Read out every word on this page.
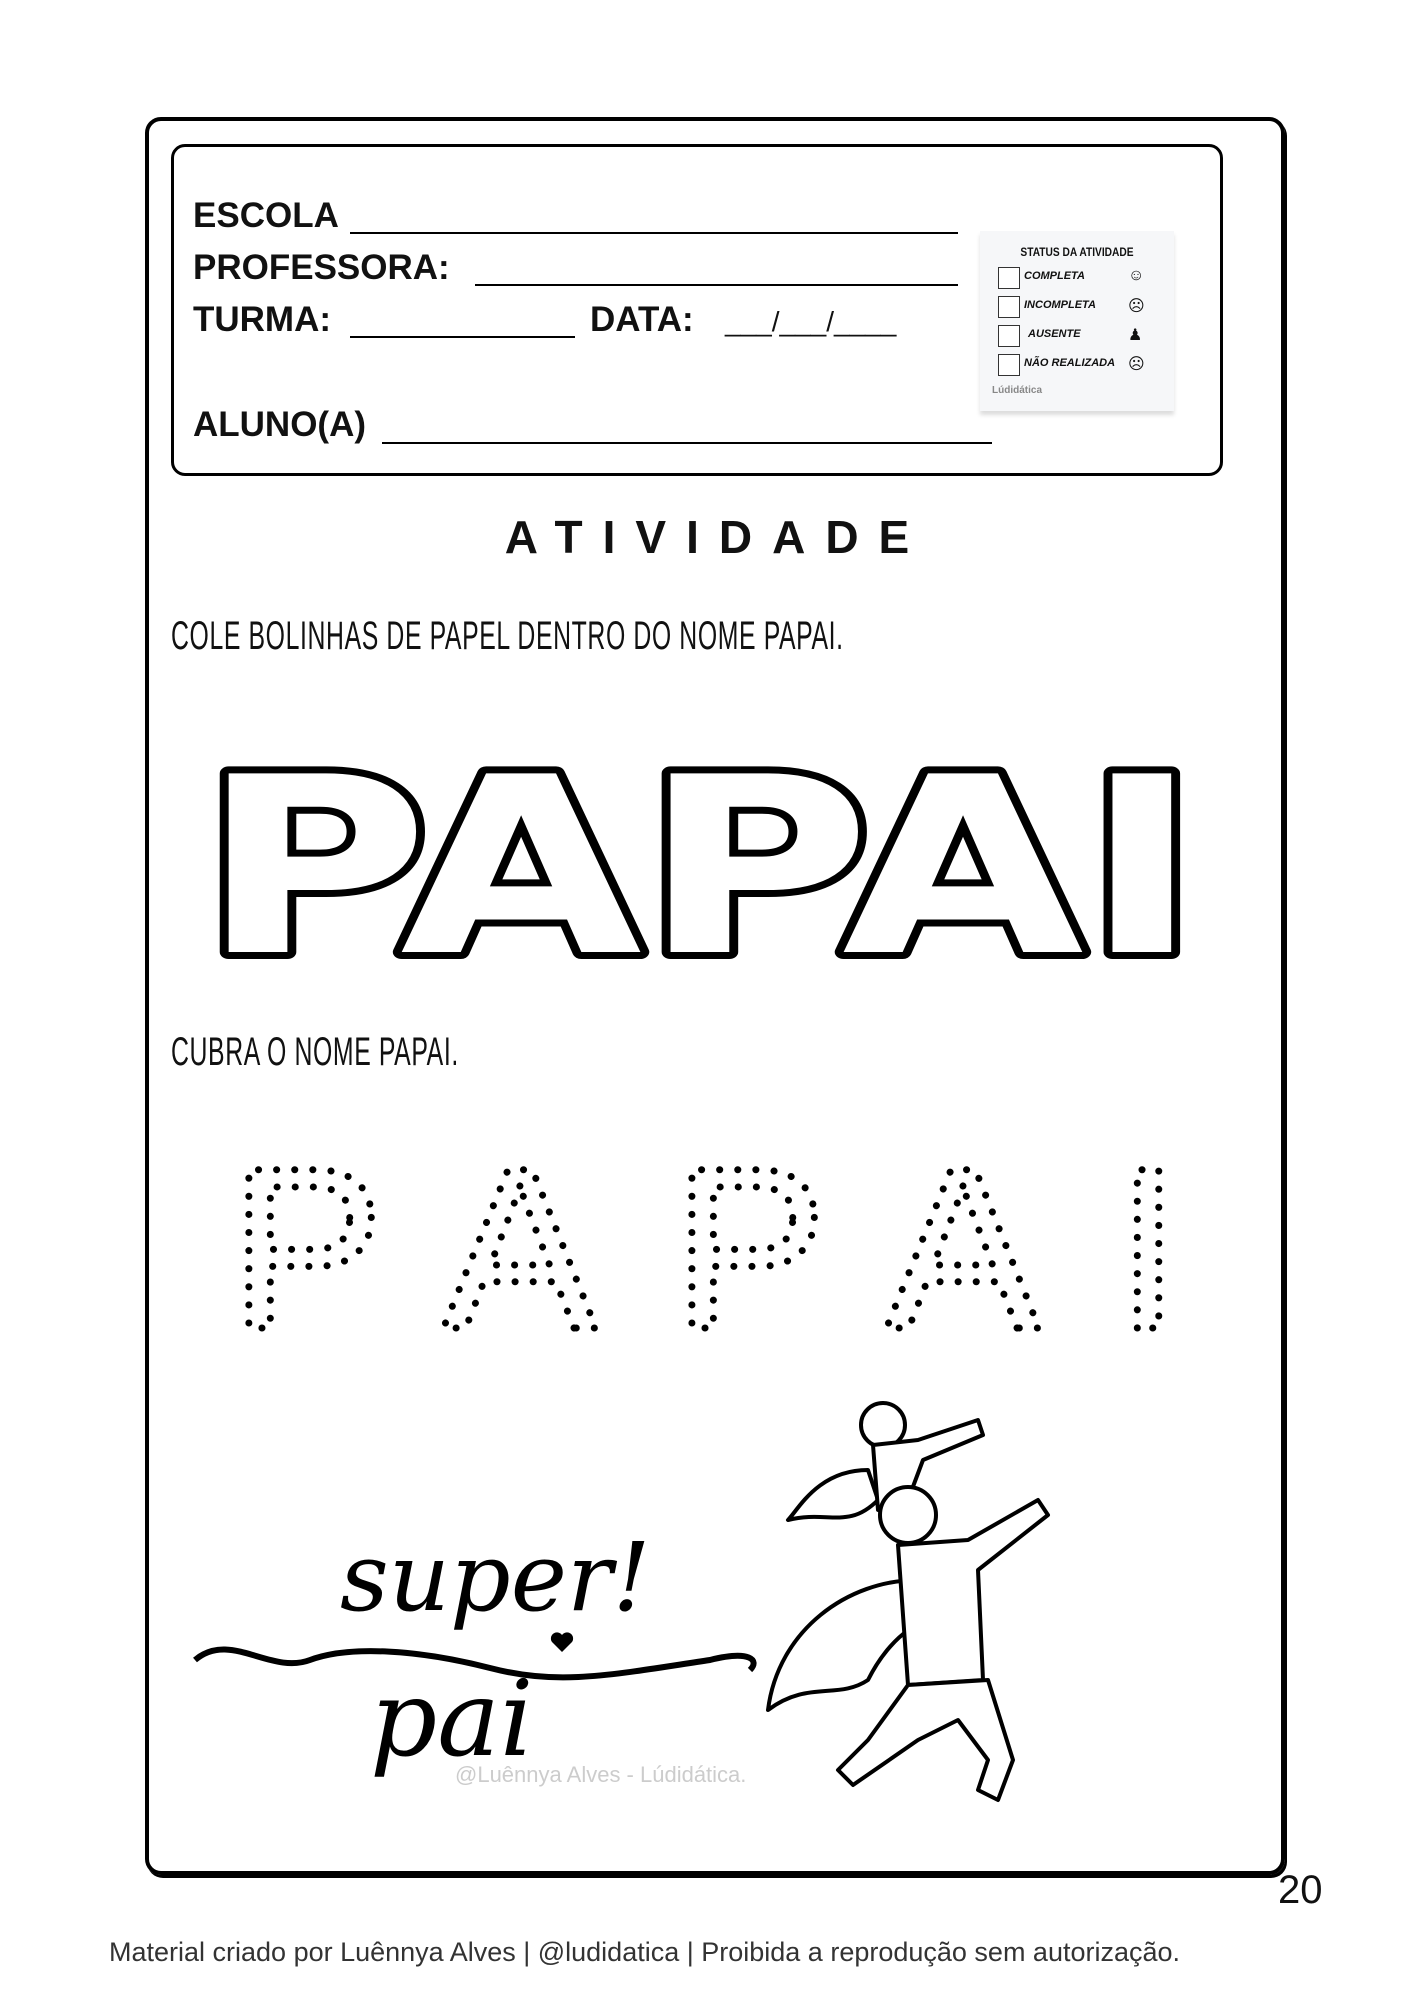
ESCOLA
PROFESSORA:
TURMA:	DATA: ___/___/____
ALUNO(A)
STATUS DA ATIVIDADE
COMPLETA	☺
INCOMPLETA ☹
AUSENTE	♟
NÃO REALIZADA ☹
Lúdidática
ATIVIDADE
COLE BOLINHAS DE PAPEL DENTRO DO NOME PAPAI.
PAPAI
CUBRA O NOME PAPAI.
PAPAI
super!
pai
@Luênnya Alves - Lúdidática.
20
Material criado por Luênnya Alves | @ludidatica | Proibida a reprodução sem autorização.
